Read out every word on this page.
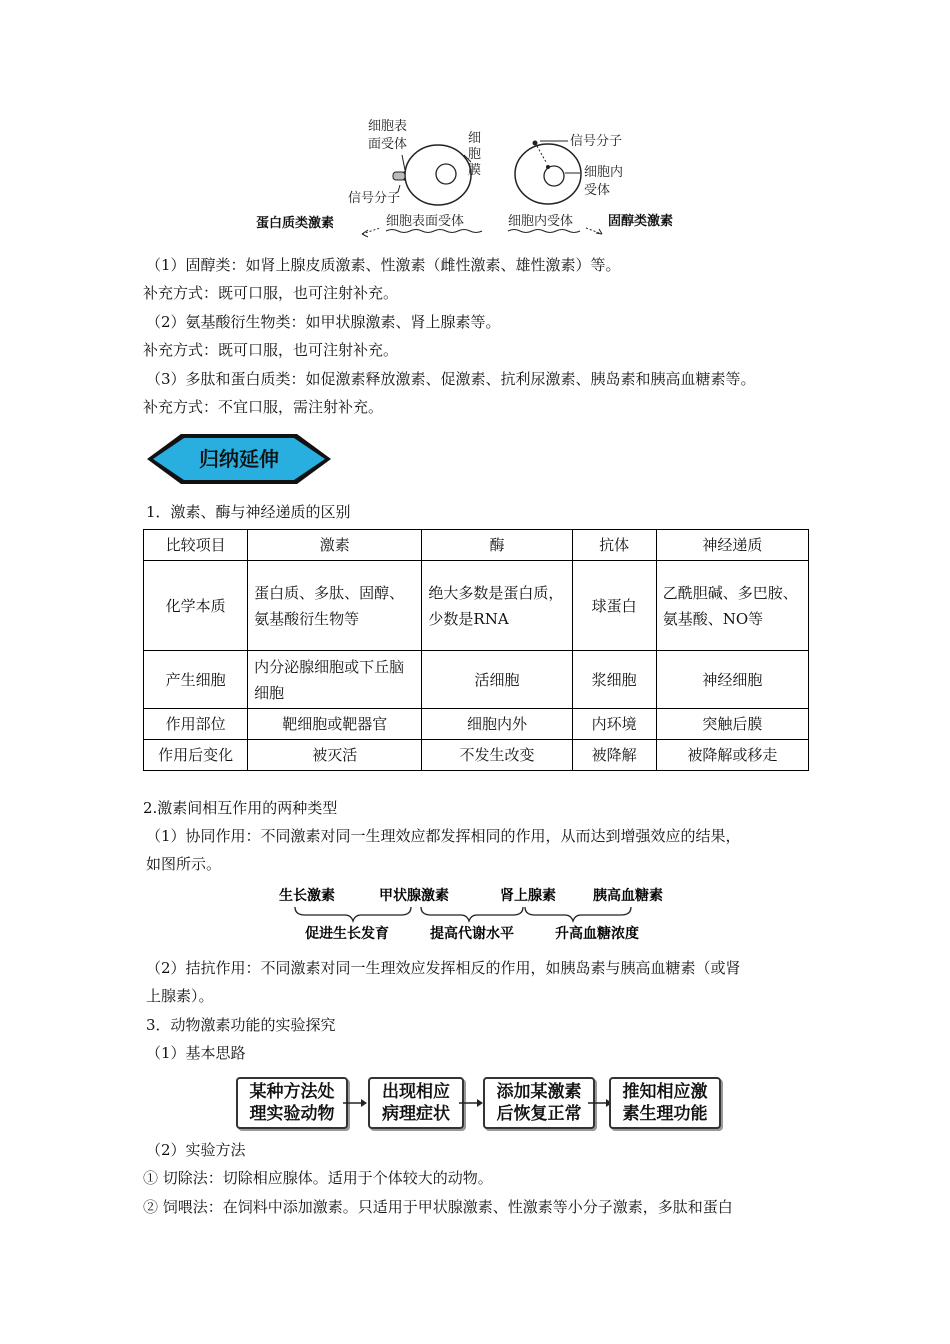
细胞表
面受体	细
胞
膜
信号分子
信号分子
细胞内
受体
蛋白质类激素	细胞表面受体	细胞内受体	固醇类激素
（1）固醇类：如肾上腺皮质激素、性激素（雌性激素、雄性激素）等。
补充方式：既可口服，也可注射补充。
（2）氨基酸衍生物类：如甲状腺激素、肾上腺素等。
补充方式：既可口服，也可注射补充。
（3）多肽和蛋白质类：如促激素释放激素、促激素、抗利尿激素、胰岛素和胰高血糖素等。
补充方式：不宜口服，需注射补充。
归纳延伸
1．激素、酶与神经递质的区别
比较项目	激素	酶	抗体	神经递质
化学本质	蛋白质、多肽、固醇、氨基酸衍生物等	绝大多数是蛋白质，少数是RNA	球蛋白	乙酰胆碱、多巴胺、氨基酸、NO等
产生细胞	内分泌腺细胞或下丘脑细胞	活细胞	浆细胞	神经细胞
作用部位	靶细胞或靶器官	细胞内外	内环境	突触后膜
作用后变化	被灭活	不发生改变	被降解	被降解或移走
2.激素间相互作用的两种类型
（1）协同作用：不同激素对同一生理效应都发挥相同的作用，从而达到增强效应的结果，
如图所示。
生长激素	甲状腺激素	肾上腺素	胰高血糖素
促进生长发育	提高代谢水平	升高血糖浓度
（2）拮抗作用：不同激素对同一生理效应发挥相反的作用，如胰岛素与胰高血糖素（或肾
上腺素）。
3．动物激素功能的实验探究
（1）基本思路
某种方法处
理实验动物
出现相应
病理症状
添加某激素
后恢复正常
推知相应激
素生理功能
（2）实验方法
① 切除法：切除相应腺体。适用于个体较大的动物。
② 饲喂法：在饲料中添加激素。只适用于甲状腺激素、性激素等小分子激素，多肽和蛋白
